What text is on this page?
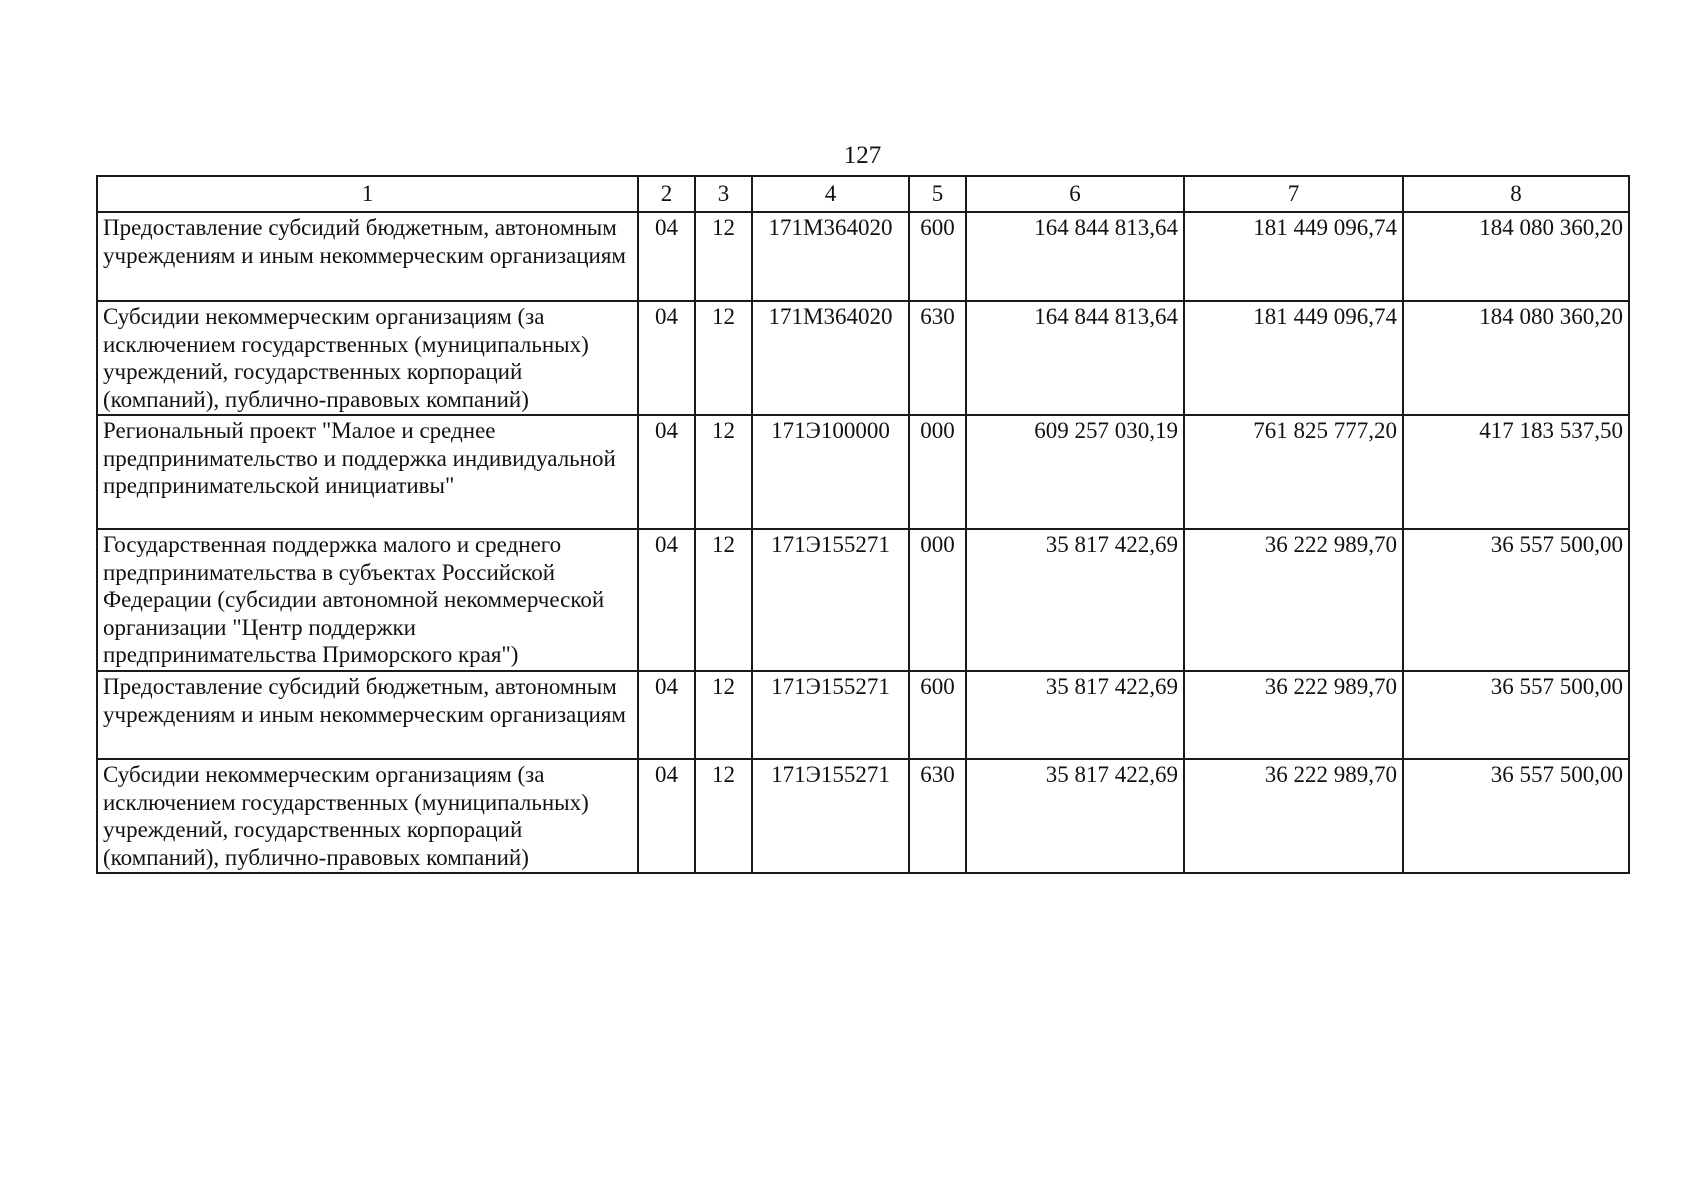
127
1	2	3	4	5	6	7	8
Предоставление субсидий бюджетным, автономным учреждениям и иным некоммерческим организациям	04	12	171M364020	600	164 844 813,64	181 449 096,74	184 080 360,20
Субсидии некоммерческим организациям (за исключением государственных (муниципальных) учреждений, государственных корпораций (компаний), публично-правовых компаний)	04	12	171M364020	630	164 844 813,64	181 449 096,74	184 080 360,20
Региональный проект "Малое и среднее предпринимательство и поддержка индивидуальной предпринимательской инициативы"	04	12	171Э100000	000	609 257 030,19	761 825 777,20	417 183 537,50
Государственная поддержка малого и среднего предпринимательства в субъектах Российской Федерации (субсидии автономной некоммерческой организации "Центр поддержки предпринимательства Приморского края")	04	12	171Э155271	000	35 817 422,69	36 222 989,70	36 557 500,00
Предоставление субсидий бюджетным, автономным учреждениям и иным некоммерческим организациям	04	12	171Э155271	600	35 817 422,69	36 222 989,70	36 557 500,00
Субсидии некоммерческим организациям (за исключением государственных (муниципальных) учреждений, государственных корпораций (компаний), публично-правовых компаний)	04	12	171Э155271	630	35 817 422,69	36 222 989,70	36 557 500,00
